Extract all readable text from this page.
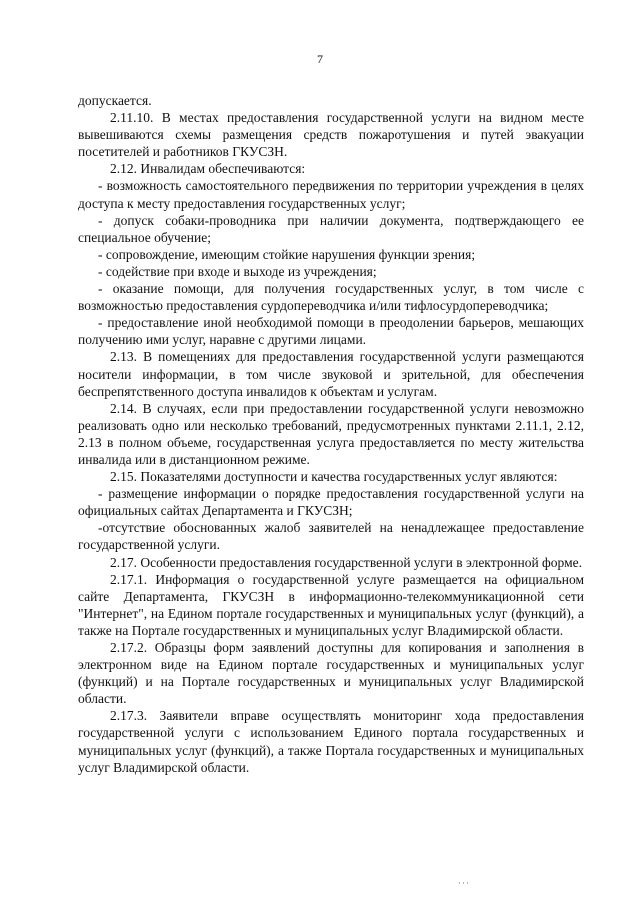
7

допускается.

2.11.10. В местах предоставления государственной услуги на видном месте вывешиваются схемы размещения средств пожаротушения и путей эвакуации посетителей и работников ГКУСЗН.

2.12. Инвалидам обеспечиваются:

- возможность самостоятельного передвижения по территории учреждения в целях доступа к месту предоставления государственных услуг;

- допуск собаки-проводника при наличии документа, подтверждающего ее специальное обучение;

- сопровождение, имеющим стойкие нарушения функции зрения;

- содействие при входе и выходе из учреждения;

- оказание помощи, для получения государственных услуг, в том числе с возможностью предоставления сурдопереводчика и/или тифлосурдопереводчика;

- предоставление иной необходимой помощи в преодолении барьеров, мешающих получению ими услуг, наравне с другими лицами.

2.13. В помещениях для предоставления государственной услуги размещаются носители информации, в том числе звуковой и зрительной, для обеспечения беспрепятственного доступа инвалидов к объектам и услугам.

2.14. В случаях, если при предоставлении государственной услуги невозможно реализовать одно или несколько требований, предусмотренных пунктами 2.11.1, 2.12, 2.13 в полном объеме, государственная услуга предоставляется по месту жительства инвалида или в дистанционном режиме.

2.15. Показателями доступности и качества государственных услуг являются:

- размещение информации о порядке предоставления государственной услуги на официальных сайтах Департамента и ГКУСЗН;

-отсутствие обоснованных жалоб заявителей на ненадлежащее предоставление государственной услуги.

2.17. Особенности предоставления государственной услуги в электронной форме.

2.17.1. Информация о государственной услуге размещается на официальном сайте Департамента, ГКУСЗН в информационно-телекоммуникационной сети "Интернет", на Едином портале государственных и муниципальных услуг (функций), а также на Портале государственных и муниципальных услуг Владимирской области.

2.17.2. Образцы форм заявлений доступны для копирования и заполнения в электронном виде на Едином портале государственных и муниципальных услуг (функций) и на Портале государственных и муниципальных услуг Владимирской области.

2.17.3. Заявители вправе осуществлять мониторинг хода предоставления государственной услуги с использованием Единого портала государственных и муниципальных услуг (функций), а также Портала государственных и муниципальных услуг Владимирской области.

···
